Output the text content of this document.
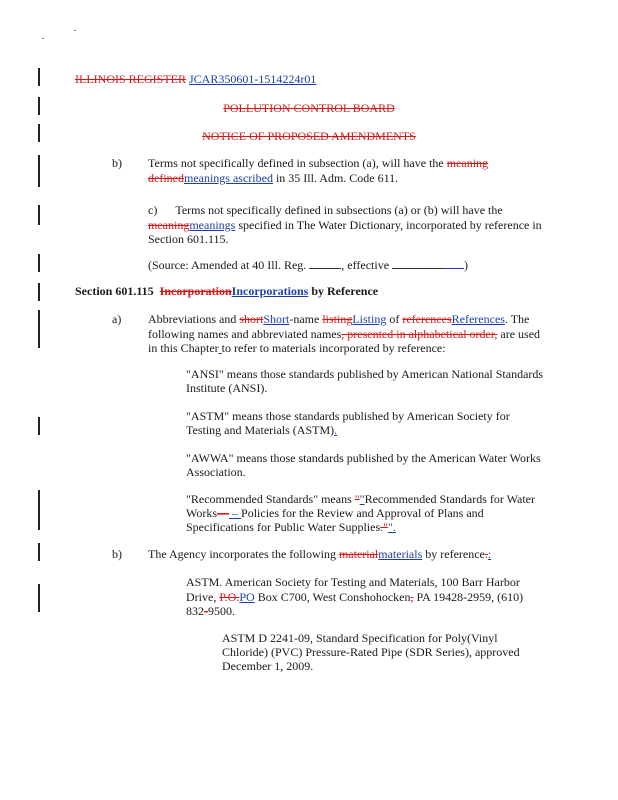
ILLINOIS REGISTER JCAR350601-1514224r01
POLLUTION CONTROL BOARD
NOTICE OF PROPOSED AMENDMENTS
b) Terms not specifically defined in subsection (a), will have the meaning
definedmeanings ascribed in 35 Ill. Adm. Code 611.
c) Terms not specifically defined in subsections (a) or (b) will have the
meaningmeanings specified in The Water Dictionary, incorporated by reference in
Section 601.115.
(Source: Amended at 40 Ill. Reg.	, effective	)
Section 601.115 IncorporationIncorporations by Reference
a) Abbreviations and shortShort-name listingListing of referencesReferences. The
following names and abbreviated names, presented in alphabetical order, are used
in this Chapter to refer to materials incorporated by reference:
"ANSI" means those standards published by American National Standards
Institute (ANSI).
"ASTM" means those standards published by American Society for
Testing and Materials (ASTM).
"AWWA" means those standards published by the American Water Works
Association.
"Recommended Standards" means ""Recommended Standards for Water
Works— – Policies for the Review and Approval of Plans and
Specifications for Public Water Supplies."".
b) The Agency incorporates the following materialmaterials by reference.:
ASTM. American Society for Testing and Materials, 100 Barr Harbor
Drive, P.O.PO Box C700, West Conshohocken, PA 19428-2959, (610)
832-9500.
ASTM D 2241-09, Standard Specification for Poly(Vinyl
Chloride) (PVC) Pressure-Rated Pipe (SDR Series), approved
December 1, 2009.
